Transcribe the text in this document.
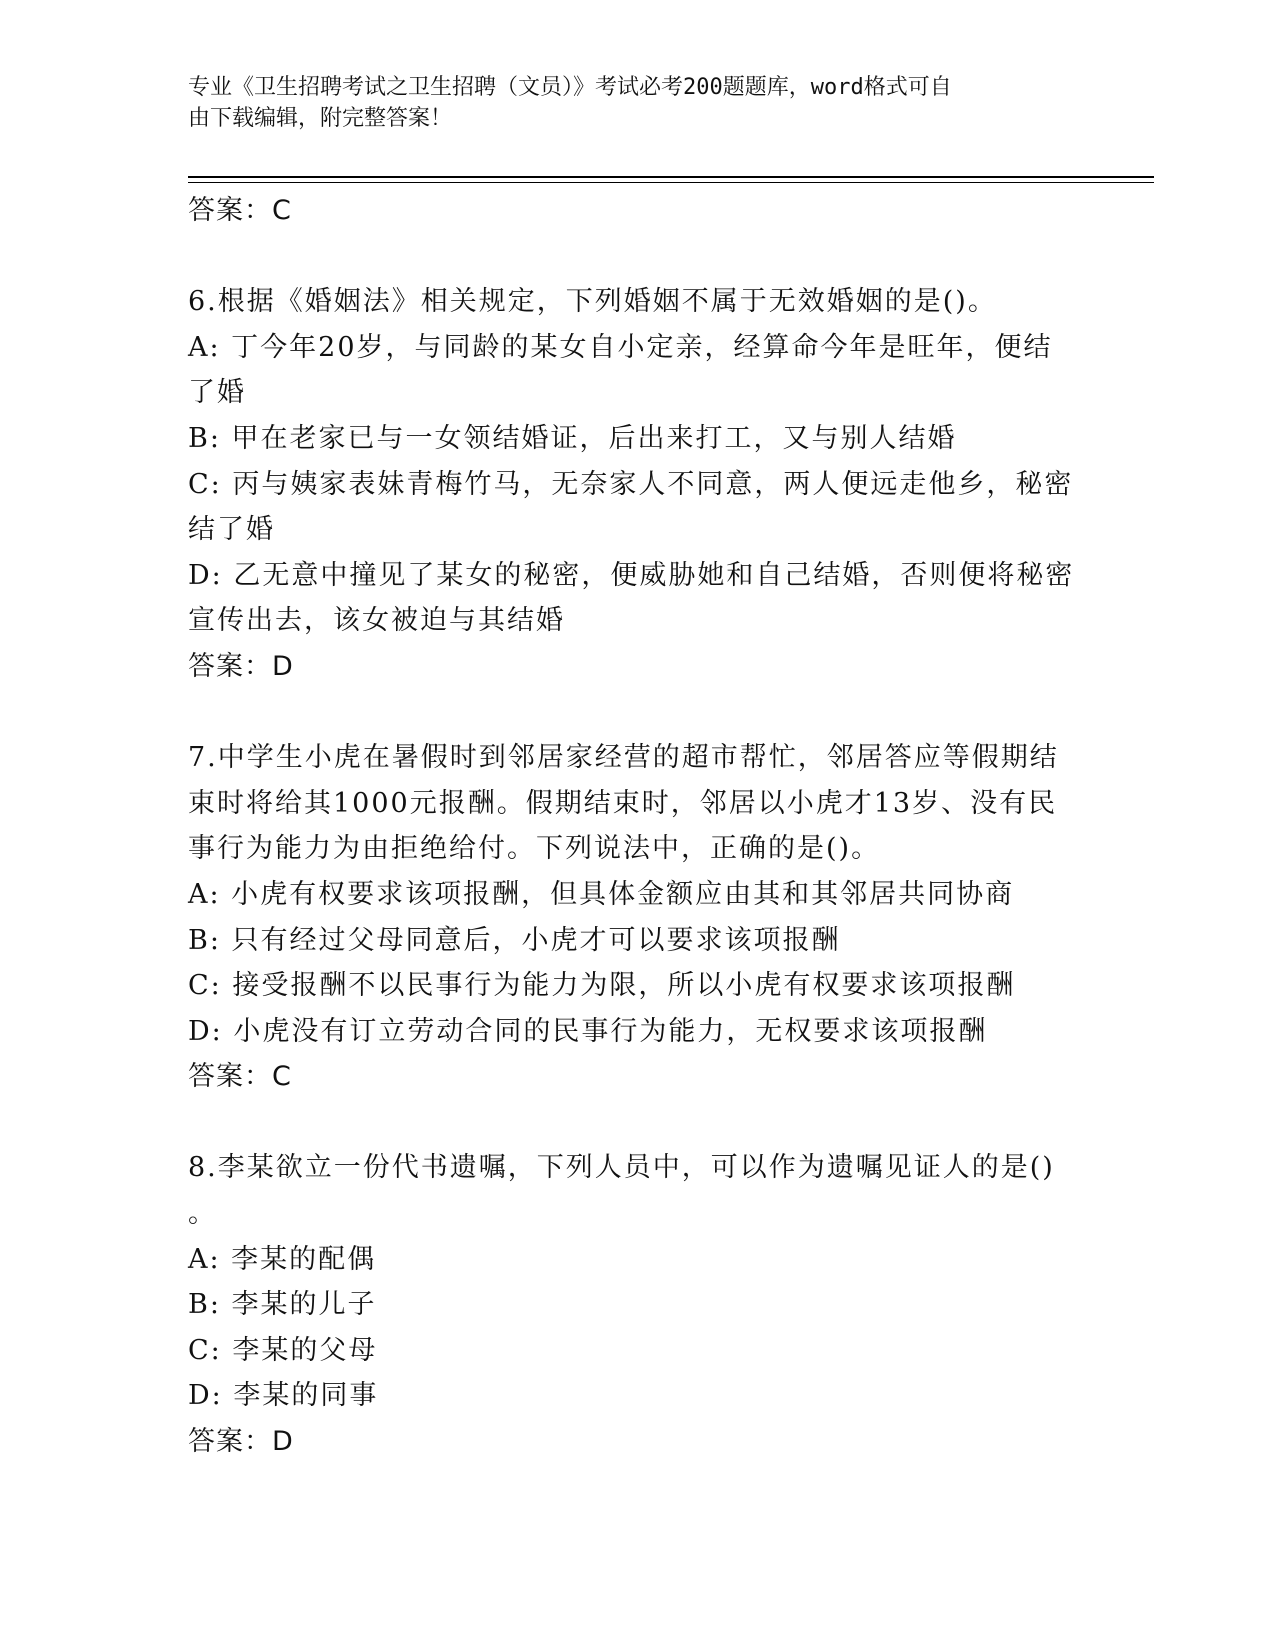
专业《卫生招聘考试之卫生招聘（文员）》考试必考200题题库，word格式可自
由下载编辑，附完整答案！
答案：C
6.根据《婚姻法》相关规定，下列婚姻不属于无效婚姻的是()。
A: 丁今年20岁，与同龄的某女自小定亲，经算命今年是旺年，便结
了婚
B: 甲在老家已与一女领结婚证，后出来打工，又与别人结婚
C: 丙与姨家表妹青梅竹马，无奈家人不同意，两人便远走他乡，秘密
结了婚
D: 乙无意中撞见了某女的秘密，便威胁她和自己结婚，否则便将秘密
宣传出去，该女被迫与其结婚
答案：D
7.中学生小虎在暑假时到邻居家经营的超市帮忙，邻居答应等假期结
束时将给其1000元报酬。假期结束时，邻居以小虎才13岁、没有民
事行为能力为由拒绝给付。下列说法中，正确的是()。
A: 小虎有权要求该项报酬，但具体金额应由其和其邻居共同协商
B: 只有经过父母同意后，小虎才可以要求该项报酬
C: 接受报酬不以民事行为能力为限，所以小虎有权要求该项报酬
D: 小虎没有订立劳动合同的民事行为能力，无权要求该项报酬
答案：C
8.李某欲立一份代书遗嘱，下列人员中，可以作为遗嘱见证人的是()
。
A: 李某的配偶
B: 李某的儿子
C: 李某的父母
D: 李某的同事
答案：D
